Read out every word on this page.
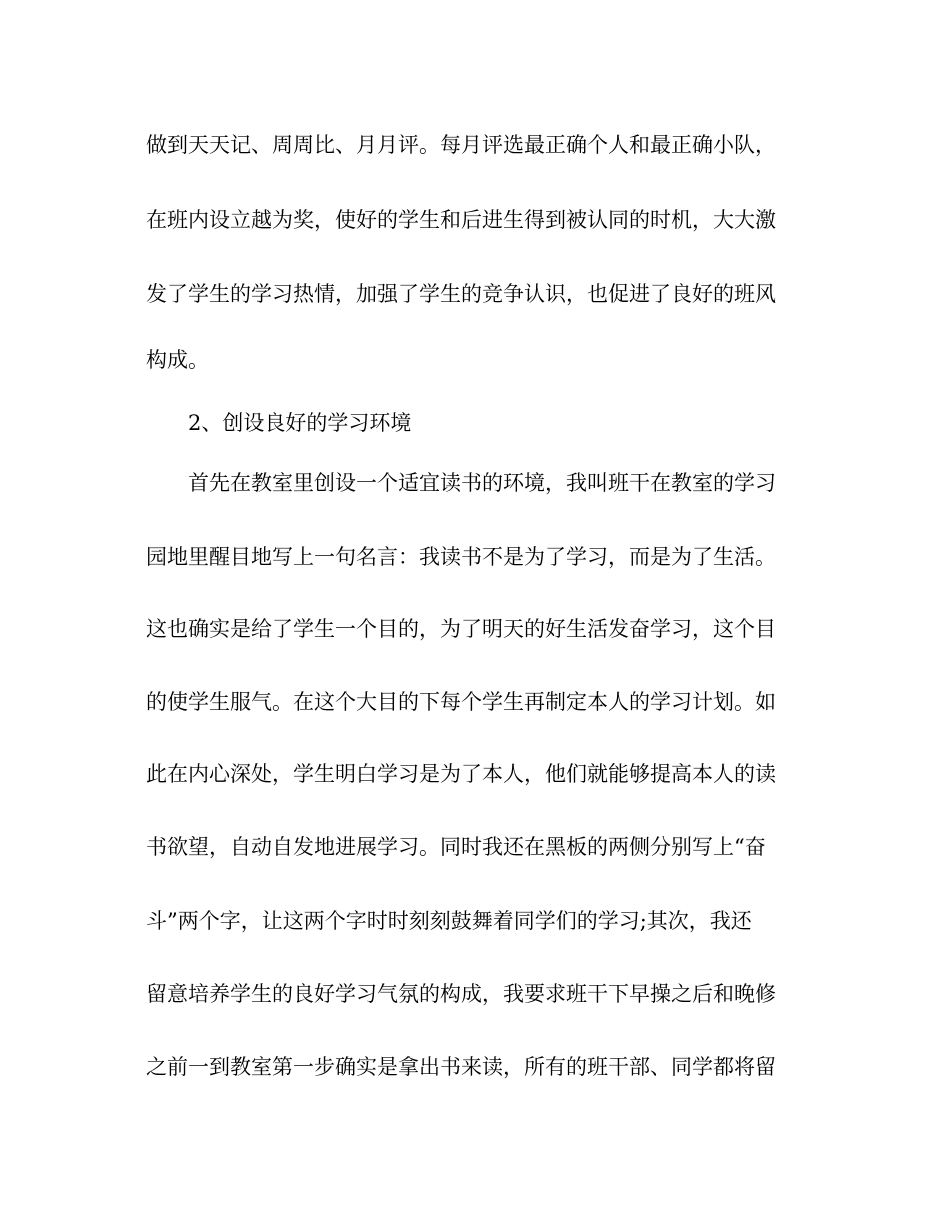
做到天天记、周周比、月月评。每月评选最正确个人和最正确小队，
在班内设立越为奖，使好的学生和后进生得到被认同的时机，大大激
发了学生的学习热情，加强了学生的竞争认识，也促进了良好的班风
构成。
2、创设良好的学习环境
首先在教室里创设一个适宜读书的环境，我叫班干在教室的学习
园地里醒目地写上一句名言：我读书不是为了学习，而是为了生活。
这也确实是给了学生一个目的，为了明天的好生活发奋学习，这个目
的使学生服气。在这个大目的下每个学生再制定本人的学习计划。如
此在内心深处，学生明白学习是为了本人，他们就能够提高本人的读
书欲望，自动自发地进展学习。同时我还在黑板的两侧分别写上“奋
斗”两个字，让这两个字时时刻刻鼓舞着同学们的学习;其次，我还
留意培养学生的良好学习气氛的构成，我要求班干下早操之后和晚修
之前一到教室第一步确实是拿出书来读，所有的班干部、同学都将留
